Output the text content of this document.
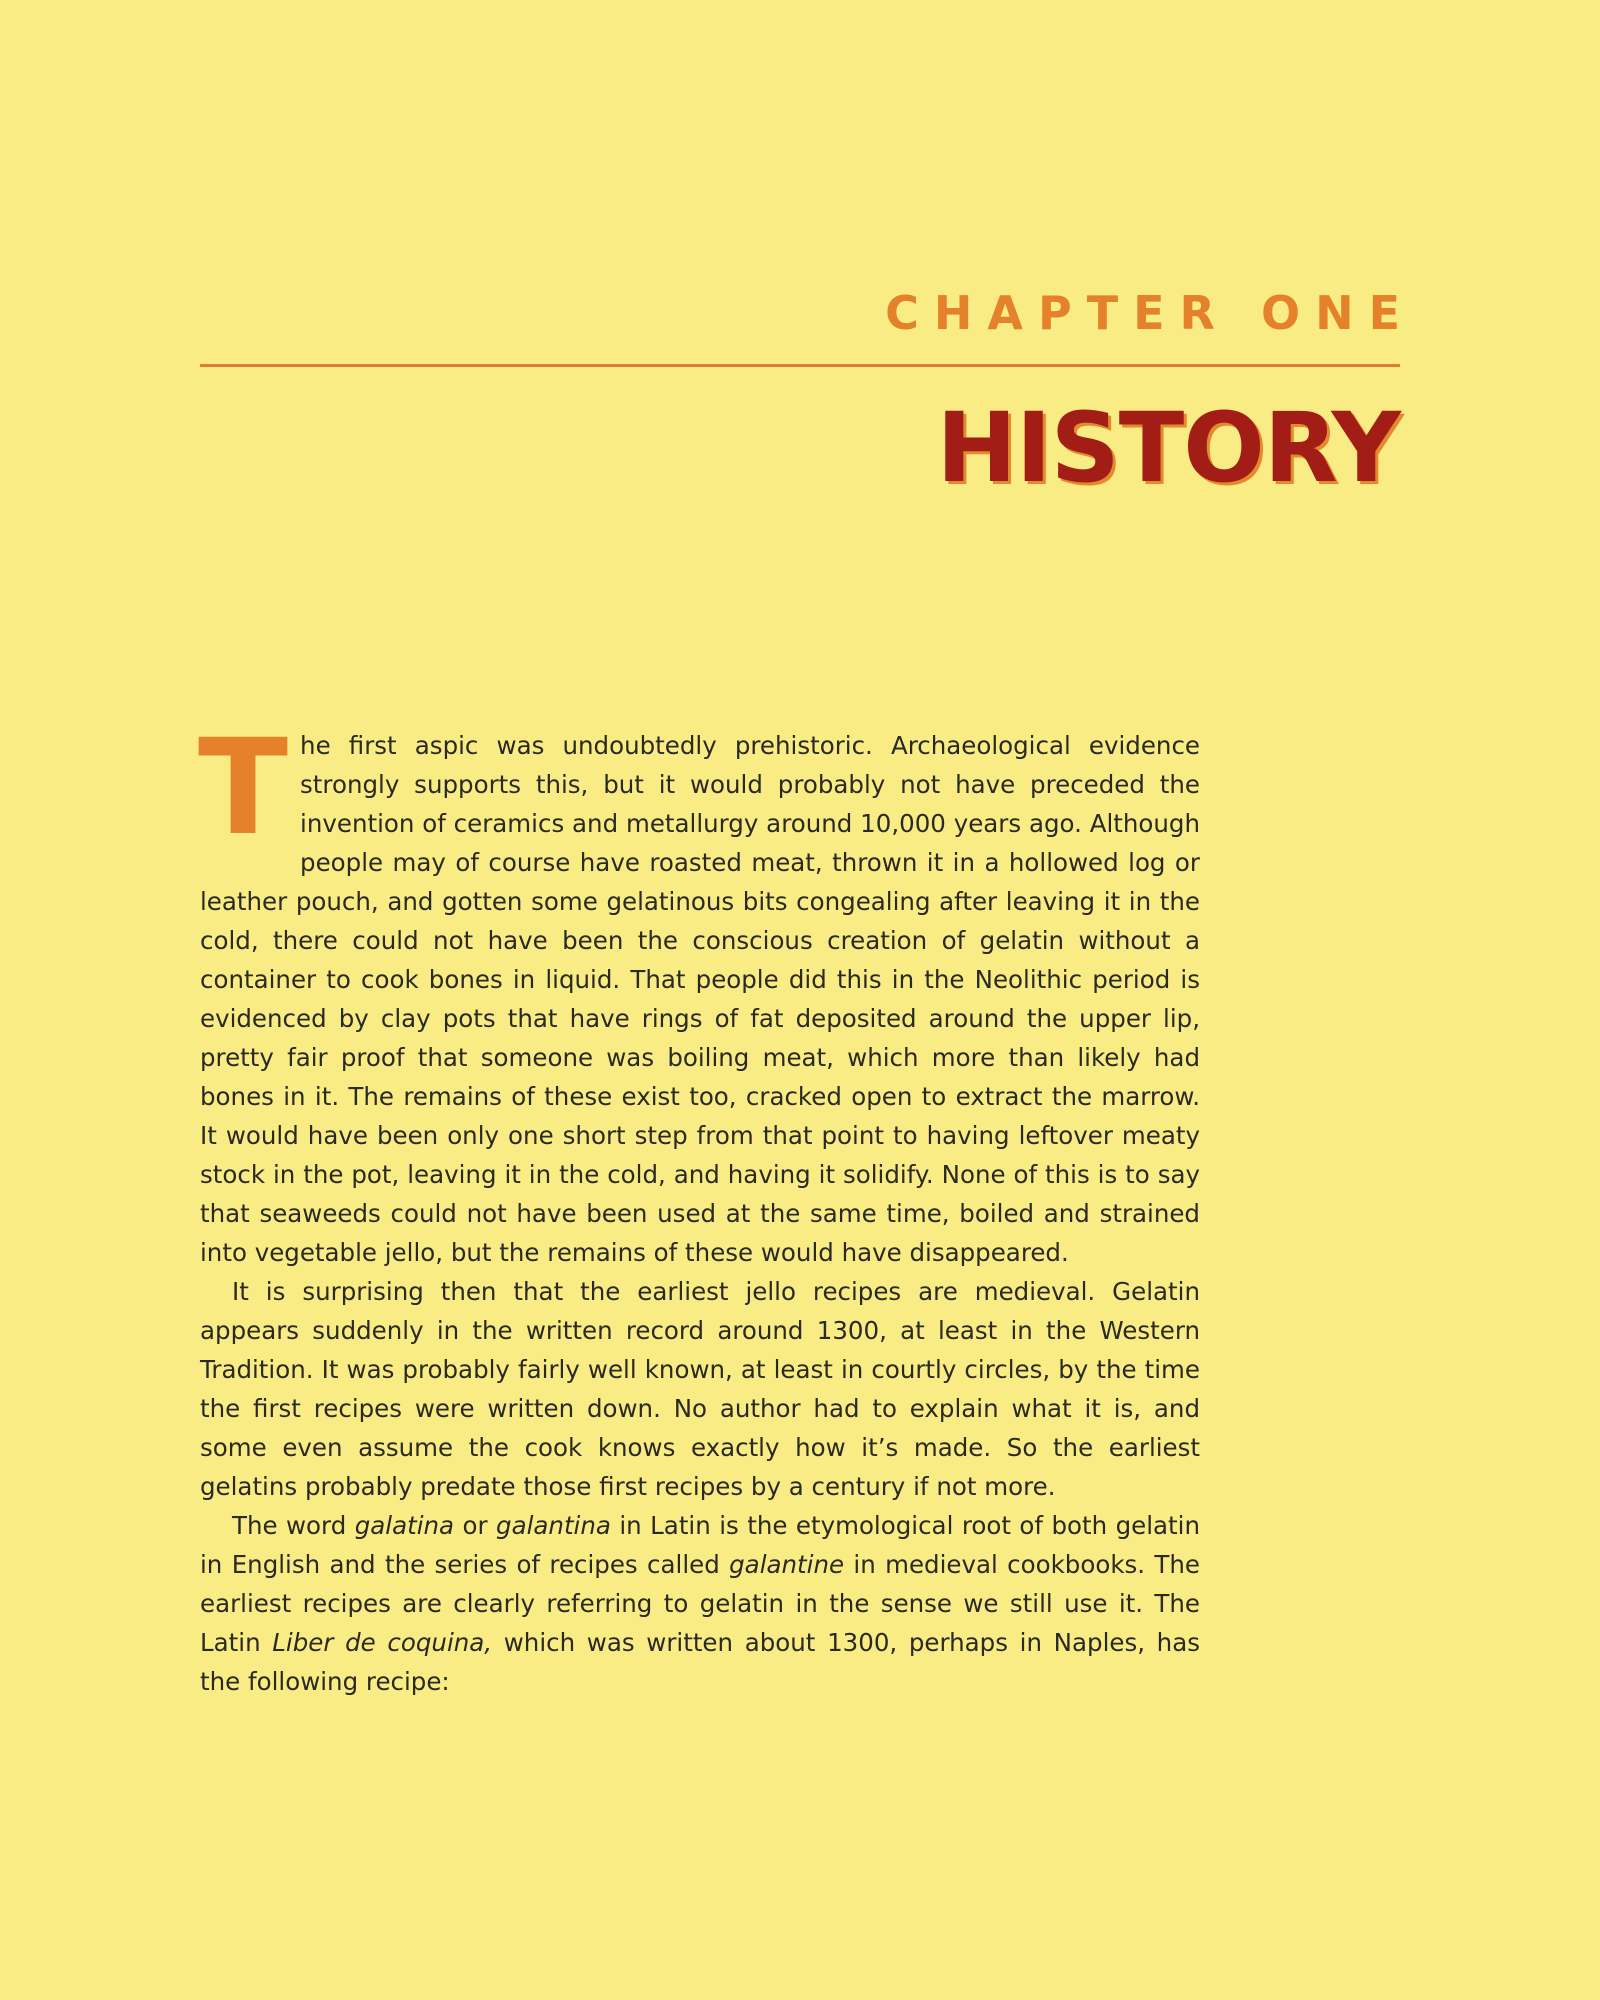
CHAPTER ONE
HISTORY

The first aspic was undoubtedly prehistoric. Archaeological evidence strongly supports this, but it would probably not have preceded the invention of ceramics and metallurgy around 10,000 years ago. Although people may of course have roasted meat, thrown it in a hollowed log or leather pouch, and gotten some gelatinous bits congealing after leaving it in the cold, there could not have been the conscious creation of gelatin without a container to cook bones in liquid. That people did this in the Neolithic period is evidenced by clay pots that have rings of fat deposited around the upper lip, pretty fair proof that someone was boiling meat, which more than likely had bones in it. The remains of these exist too, cracked open to extract the marrow. It would have been only one short step from that point to having leftover meaty stock in the pot, leaving it in the cold, and having it solidify. None of this is to say that seaweeds could not have been used at the same time, boiled and strained into vegetable jello, but the remains of these would have disappeared.

It is surprising then that the earliest jello recipes are medieval. Gelatin appears suddenly in the written record around 1300, at least in the Western Tradition. It was probably fairly well known, at least in courtly circles, by the time the first recipes were written down. No author had to explain what it is, and some even assume the cook knows exactly how it’s made. So the earliest gelatins probably predate those first recipes by a century if not more.

The word galatina or galantina in Latin is the etymological root of both gelatin in English and the series of recipes called galantine in medieval cookbooks. The earliest recipes are clearly referring to gelatin in the sense we still use it. The Latin Liber de coquina, which was written about 1300, perhaps in Naples, has the following recipe:
